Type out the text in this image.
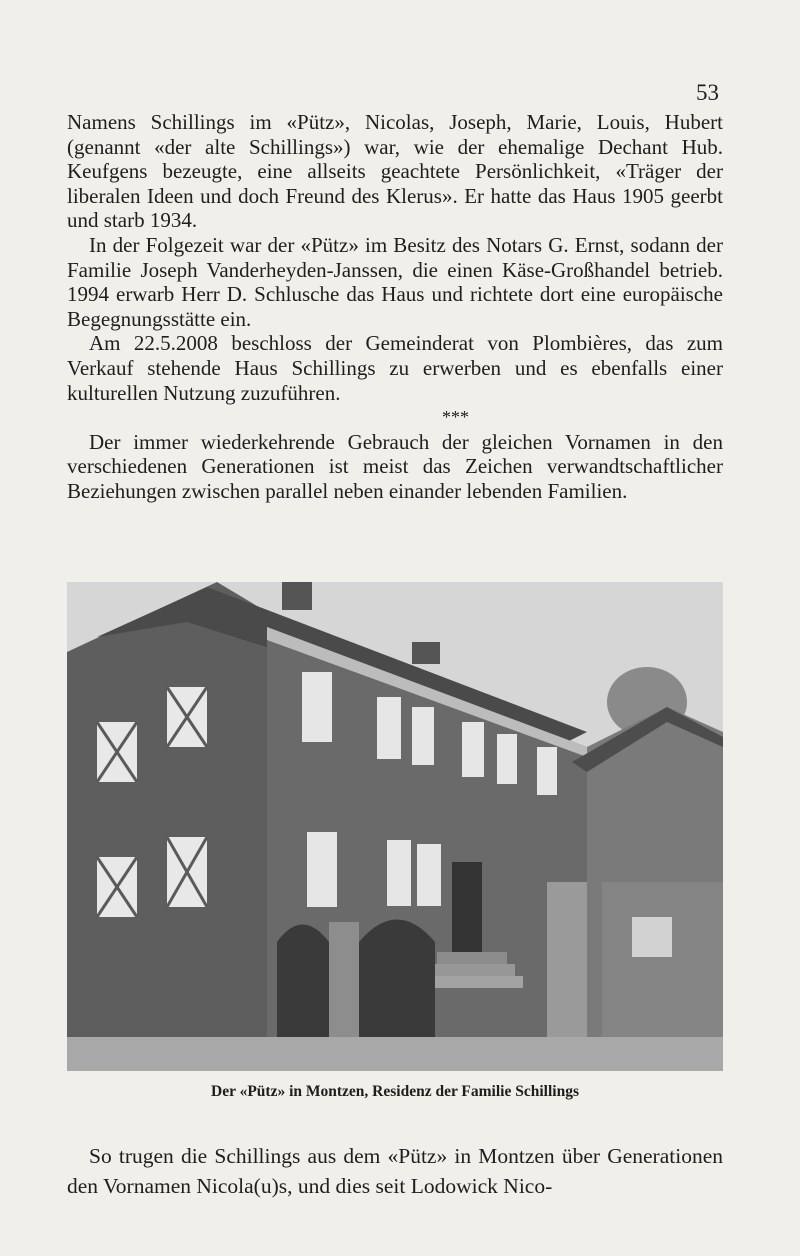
53

Namens Schillings im «Pütz», Nicolas, Joseph, Marie, Louis, Hubert (genannt «der alte Schillings») war, wie der ehemalige Dechant Hub. Keufgens bezeugte, eine allseits geachtete Persönlichkeit, «Träger der liberalen Ideen und doch Freund des Klerus». Er hatte das Haus 1905 geerbt und starb 1934.

In der Folgezeit war der «Pütz» im Besitz des Notars G. Ernst, sodann der Familie Joseph Vanderheyden-Janssen, die einen Käse-Großhandel betrieb. 1994 erwarb Herr D. Schlusche das Haus und richtete dort eine europäische Begegnungsstätte ein.

Am 22.5.2008 beschloss der Gemeinderat von Plombières, das zum Verkauf stehende Haus Schillings zu erwerben und es ebenfalls einer kulturellen Nutzung zuzuführen.

***

Der immer wiederkehrende Gebrauch der gleichen Vornamen in den verschiedenen Generationen ist meist das Zeichen verwandtschaftlicher Beziehungen zwischen parallel neben einander lebenden Familien.

Der «Pütz» in Montzen, Residenz der Familie Schillings

So trugen die Schillings aus dem «Pütz» in Montzen über Generationen den Vornamen Nicola(u)s, und dies seit Lodowick Nico-
